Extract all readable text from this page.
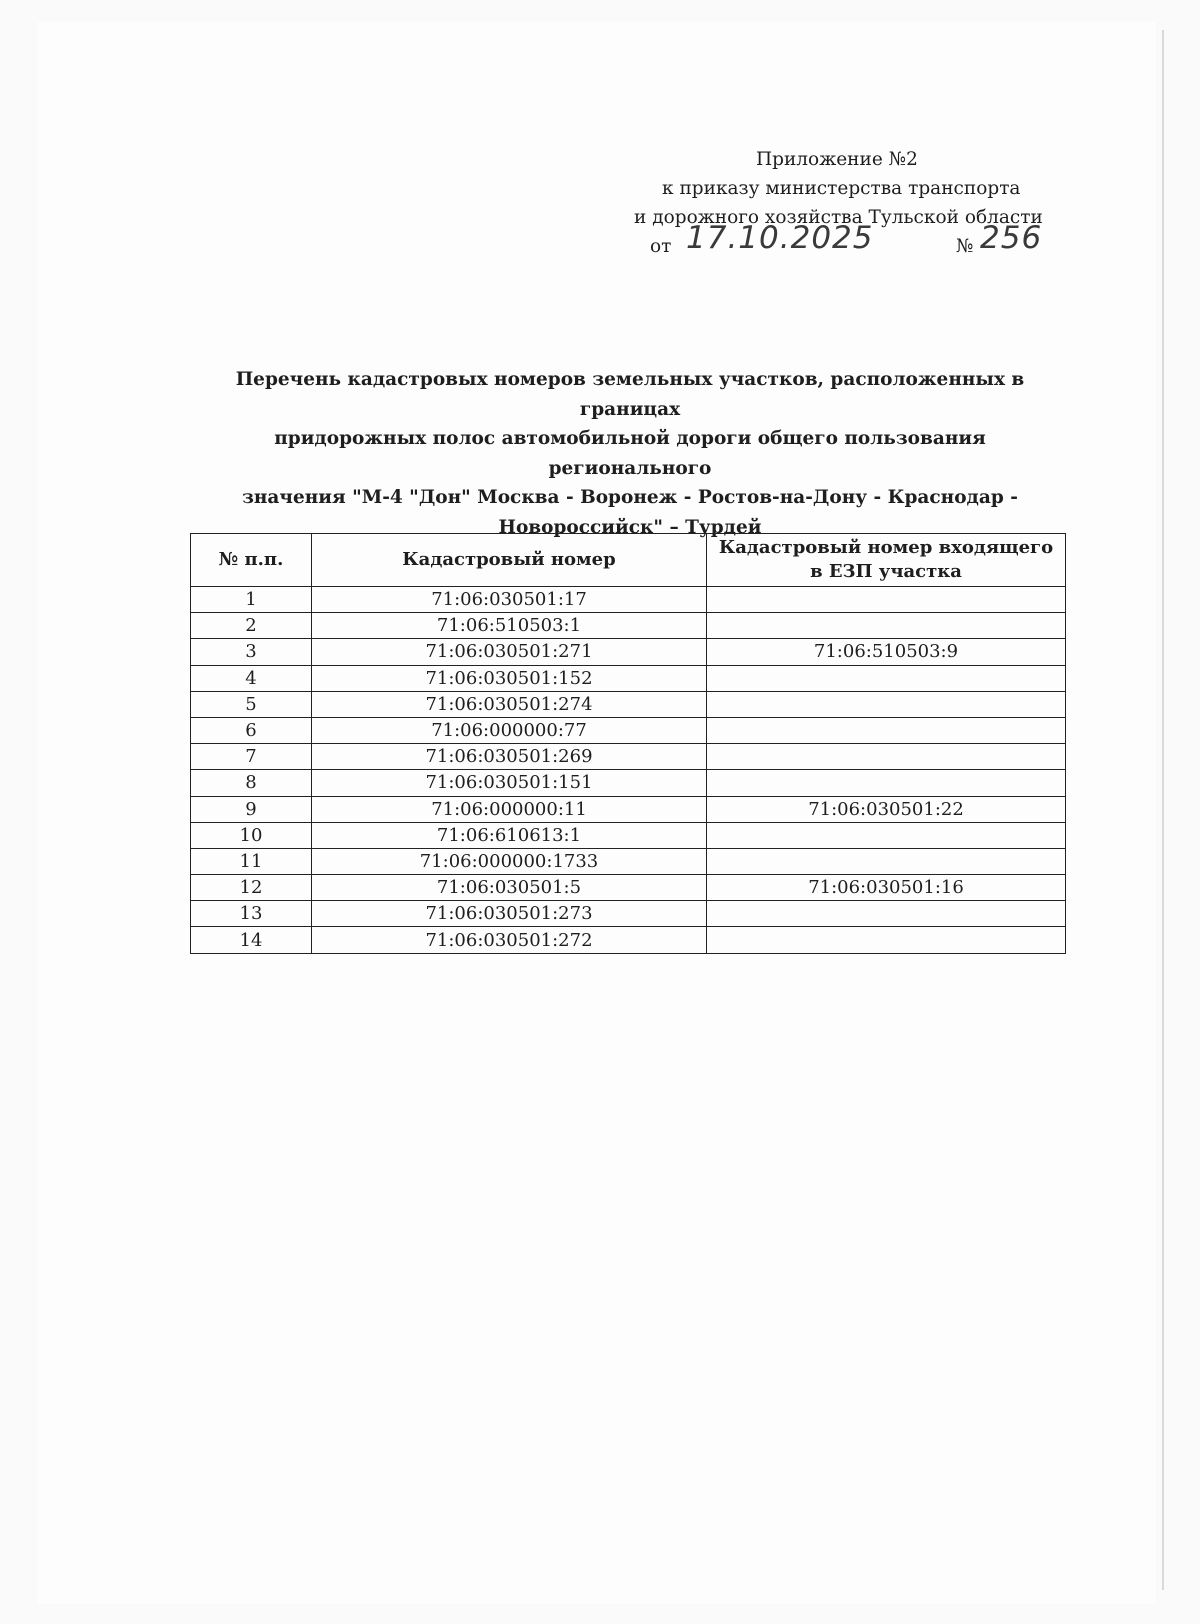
Приложение №2
к приказу министерства транспорта
и дорожного хозяйства Тульской области
от 17.10.2025	№ 256
Перечень кадастровых номеров земельных участков, расположенных в границах
придорожных полос автомобильной дороги общего пользования регионального
значения "М-4 "Дон" Москва - Воронеж - Ростов-на-Дону - Краснодар -
Новороссийск" – Турдей
№ п.п.	Кадастровый номер	Кадастровый номер входящего в ЕЗП участка
1	71:06:030501:17	
2	71:06:510503:1	
3	71:06:030501:271	71:06:510503:9
4	71:06:030501:152	
5	71:06:030501:274	
6	71:06:000000:77	
7	71:06:030501:269	
8	71:06:030501:151	
9	71:06:000000:11	71:06:030501:22
10	71:06:610613:1	
11	71:06:000000:1733	
12	71:06:030501:5	71:06:030501:16
13	71:06:030501:273	
14	71:06:030501:272	
